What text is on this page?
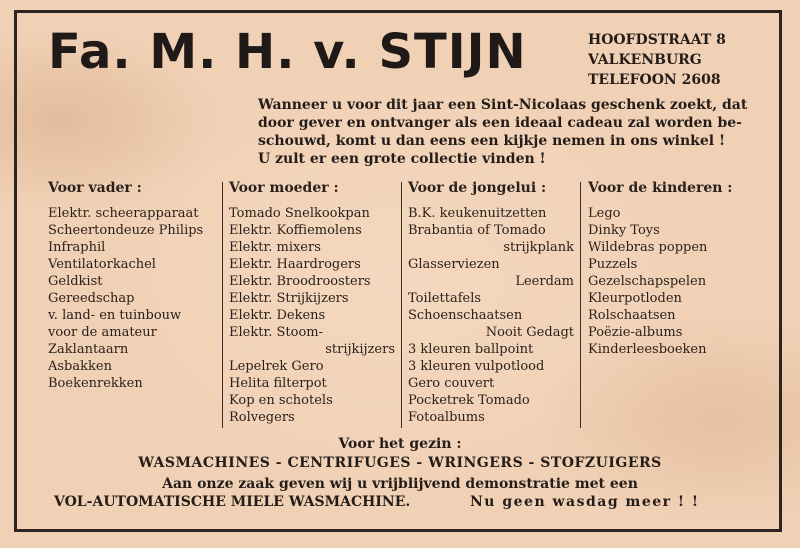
Fa. M. H. v. STIJN	HOOFDSTRAAT 8
VALKENBURG
TELEFOON 2608
Wanneer u voor dit jaar een Sint-Nicolaas geschenk zoekt, dat
door gever en ontvanger als een ideaal cadeau zal worden be-
schouwd, komt u dan eens een kijkje nemen in ons winkel !
U zult er een grote collectie vinden !
Voor vader :
Elektr. scheerapparaat
Scheertondeuze Philips
Infraphil
Ventilatorkachel
Geldkist
Gereedschap
v. land- en tuinbouw
voor de amateur
Zaklantaarn
Asbakken
Boekenrekken
Voor moeder :
Tomado Snelkookpan
Elektr. Koffiemolens
Elektr. mixers
Elektr. Haardrogers
Elektr. Broodroosters
Elektr. Strijkijzers
Elektr. Dekens
Elektr. Stoom-
strijkijzers
Lepelrek Gero
Helita filterpot
Kop en schotels
Rolvegers
Voor de jongelui :
B.K. keukenuitzetten
Brabantia of Tomado
strijkplank
Glasserviezen
Leerdam
Toilettafels
Schoenschaatsen
Nooit Gedagt
3 kleuren ballpoint
3 kleuren vulpotlood
Gero couvert
Pocketrek Tomado
Fotoalbums
Voor de kinderen :
Lego
Dinky Toys
Wildebras poppen
Puzzels
Gezelschapspelen
Kleurpotloden
Rolschaatsen
Poëzie-albums
Kinderleesboeken
Voor het gezin :
WASMACHINES - CENTRIFUGES - WRINGERS - STOFZUIGERS
Aan onze zaak geven wij u vrijblijvend demonstratie met een
VOL-AUTOMATISCHE MIELE WASMACHINE.	Nu geen wasdag meer ! !
